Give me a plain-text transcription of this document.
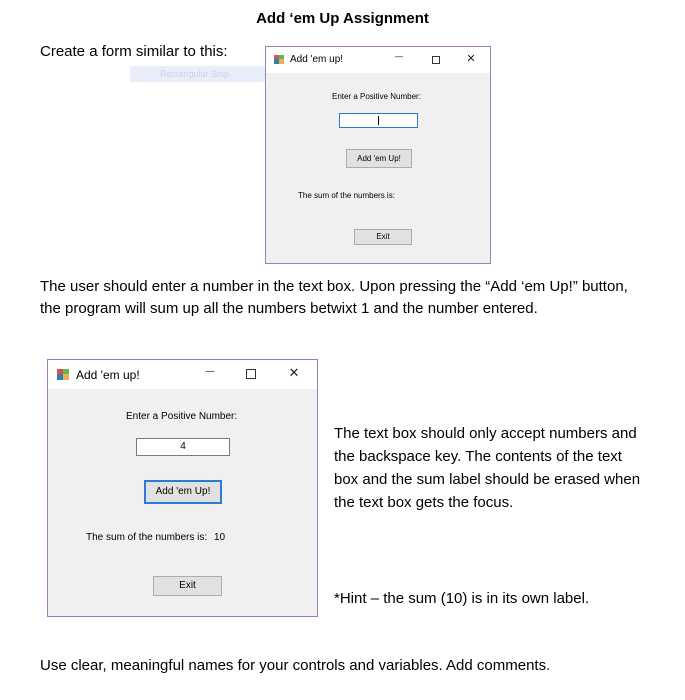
Add ‘em Up Assignment
Create a form similar to this:
Rectangular Snip
Add 'em up!	—	✕
Enter a Positive Number:
Add 'em Up!
The sum of the numbers is:
Exit
The user should enter a number in the text box. Upon pressing the “Add ‘em Up!” button, the program will sum up all the numbers betwixt 1 and the number entered.
Add 'em up!	—	✕
Enter a Positive Number:
4
Add 'em Up!
The sum of the numbers is: 10
Exit
The text box should only accept numbers and the backspace key. The contents of the text box and the sum label should be erased when the text box gets the focus.
*Hint – the sum (10) is in its own label.
Use clear, meaningful names for your controls and variables. Add comments.
